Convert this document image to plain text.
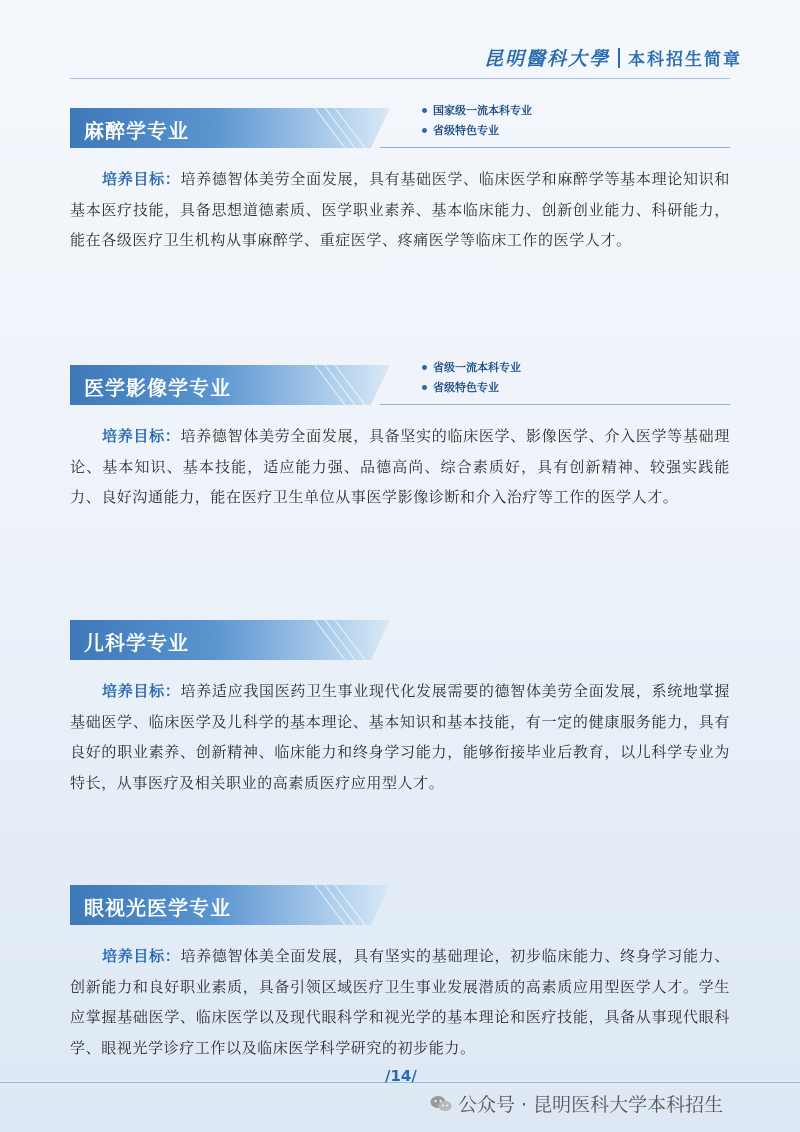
昆明醫科大學 本科招生简章
麻醉学专业
国家级一流本科专业
省级特色专业
培养目标：培养德智体美劳全面发展，具有基础医学、临床医学和麻醉学等基本理论知识和基本医疗技能，具备思想道德素质、医学职业素养、基本临床能力、创新创业能力、科研能力，能在各级医疗卫生机构从事麻醉学、重症医学、疼痛医学等临床工作的医学人才。
医学影像学专业
省级一流本科专业
省级特色专业
培养目标：培养德智体美劳全面发展，具备坚实的临床医学、影像医学、介入医学等基础理论、基本知识、基本技能，适应能力强、品德高尚、综合素质好，具有创新精神、较强实践能力、良好沟通能力，能在医疗卫生单位从事医学影像诊断和介入治疗等工作的医学人才。
儿科学专业
培养目标：培养适应我国医药卫生事业现代化发展需要的德智体美劳全面发展，系统地掌握基础医学、临床医学及儿科学的基本理论、基本知识和基本技能，有一定的健康服务能力，具有良好的职业素养、创新精神、临床能力和终身学习能力，能够衔接毕业后教育，以儿科学专业为特长，从事医疗及相关职业的高素质医疗应用型人才。
眼视光医学专业
培养目标：培养德智体美全面发展，具有坚实的基础理论，初步临床能力、终身学习能力、创新能力和良好职业素质，具备引领区域医疗卫生事业发展潜质的高素质应用型医学人才。学生应掌握基础医学、临床医学以及现代眼科学和视光学的基本理论和医疗技能，具备从事现代眼科学、眼视光学诊疗工作以及临床医学科学研究的初步能力。
/14/
公众号 · 昆明医科大学本科招生
